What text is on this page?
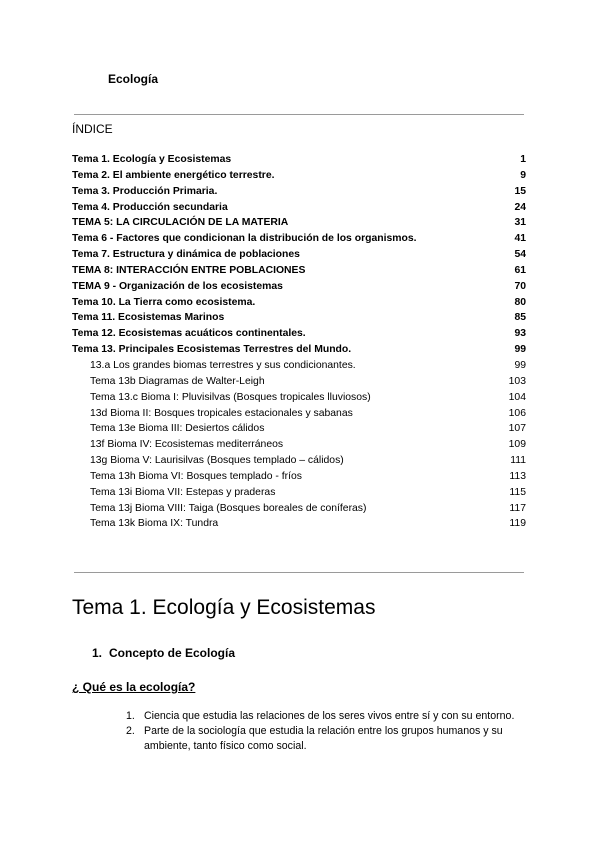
Ecología
ÍNDICE
Tema 1. Ecología y Ecosistemas	1
Tema 2. El ambiente energético terrestre.	9
Tema 3. Producción Primaria.	15
Tema 4. Producción secundaria	24
TEMA 5: LA CIRCULACIÓN DE LA MATERIA	31
Tema 6 - Factores que condicionan la distribución de los organismos.	41
Tema 7. Estructura y dinámica de poblaciones	54
TEMA 8: INTERACCIÓN ENTRE POBLACIONES	61
TEMA 9 - Organización de los ecosistemas	70
Tema 10. La Tierra como ecosistema.	80
Tema 11. Ecosistemas Marinos	85
Tema 12. Ecosistemas acuáticos continentales.	93
Tema 13. Principales Ecosistemas Terrestres del Mundo.	99
13.a Los grandes biomas terrestres y sus condicionantes.	99
Tema 13b Diagramas de Walter-Leigh	103
Tema 13.c Bioma I: Pluvisilvas (Bosques tropicales lluviosos)	104
13d Bioma II: Bosques tropicales estacionales y sabanas	106
Tema 13e Bioma III: Desiertos cálidos	107
13f Bioma IV: Ecosistemas mediterráneos	109
13g Bioma V: Laurisilvas (Bosques templado – cálidos)	111
Tema 13h Bioma VI: Bosques templado - fríos	113
Tema 13i Bioma VII: Estepas y praderas	115
Tema 13j Bioma VIII: Taiga (Bosques boreales de coníferas)	117
Tema 13k Bioma IX: Tundra	119
Tema 1. Ecología y Ecosistemas
1. Concepto de Ecología
¿ Qué es la ecología?
1. Ciencia que estudia las relaciones de los seres vivos entre sí y con su entorno.
2. Parte de la sociología que estudia la relación entre los grupos humanos y su ambiente, tanto físico como social.
